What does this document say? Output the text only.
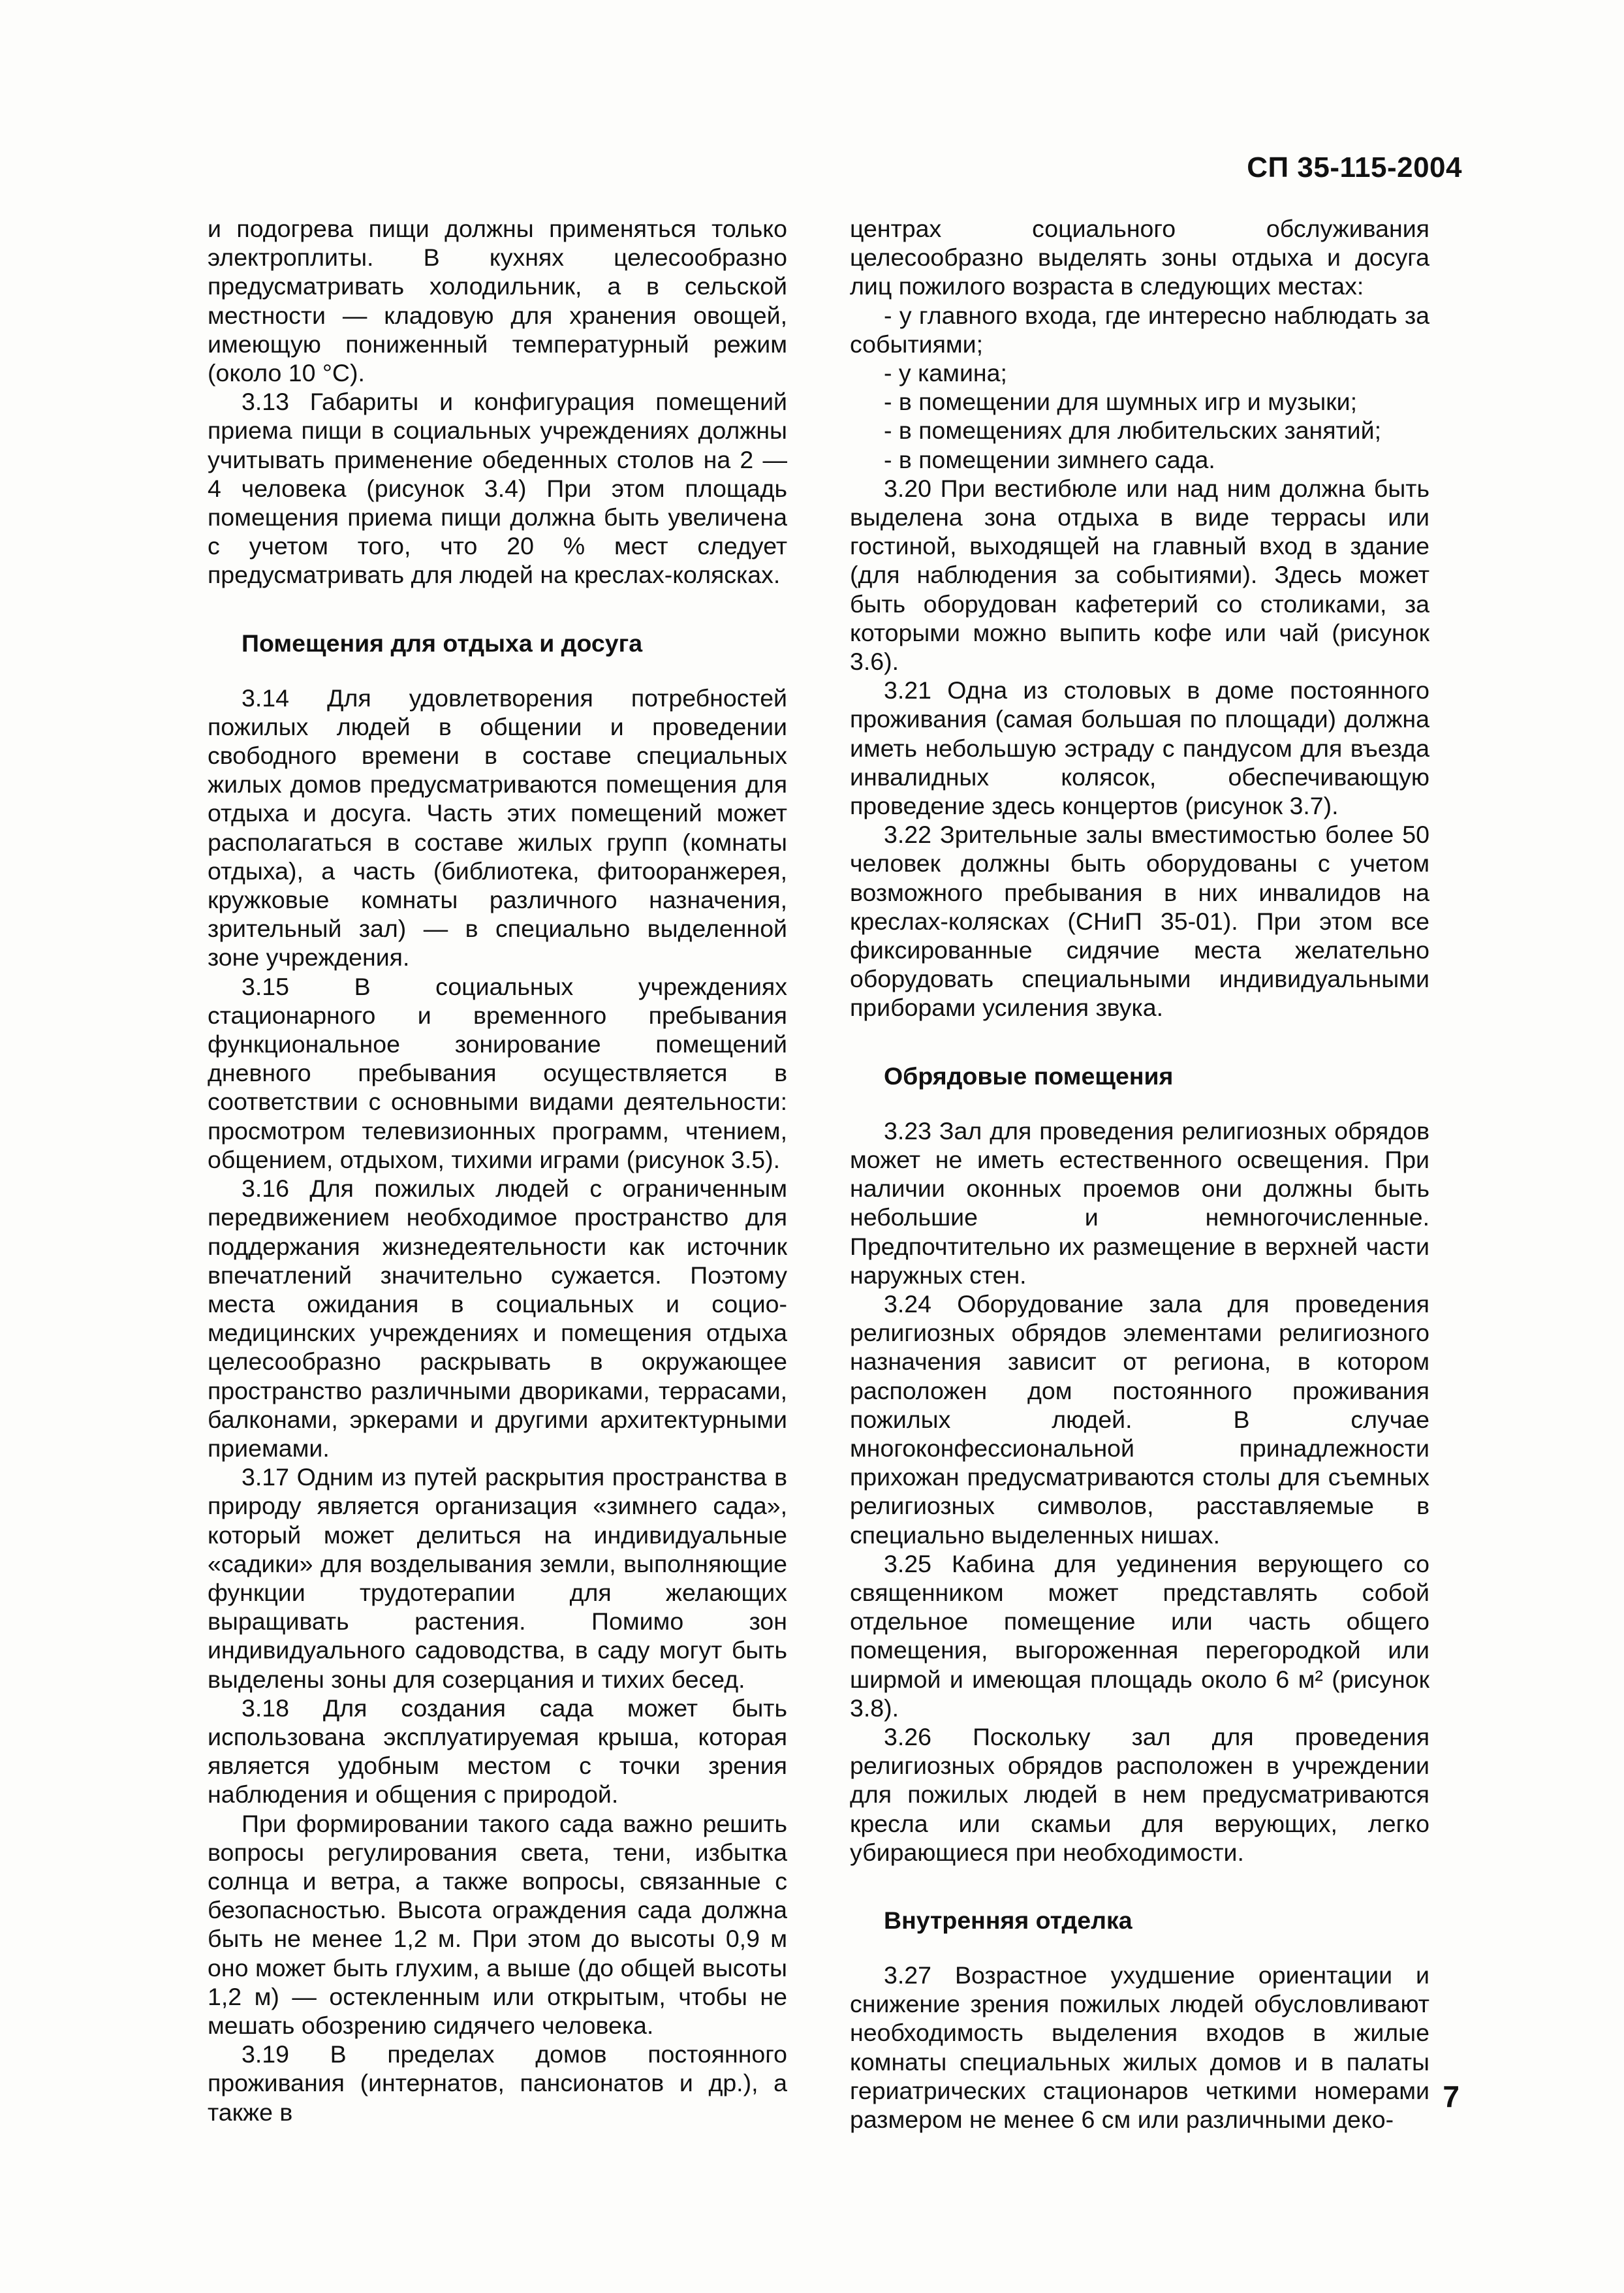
СП 35-115-2004

и подогрева пищи должны применяться только электроплиты. В кухнях целесообразно предусматривать холодильник, а в сельской местности — кладовую для хранения овощей, имеющую пониженный температурный режим (около 10 °С).

3.13 Габариты и конфигурация помещений приема пищи в социальных учреждениях должны учитывать применение обеденных столов на 2 — 4 человека (рисунок 3.4) При этом площадь помещения приема пищи должна быть увеличена с учетом того, что 20 % мест следует предусматривать для людей на креслах-колясках.

Помещения для отдыха и досуга

3.14 Для удовлетворения потребностей пожилых людей в общении и проведении свободного времени в составе специальных жилых домов предусматриваются помещения для отдыха и досуга. Часть этих помещений может располагаться в составе жилых групп (комнаты отдыха), а часть (библиотека, фитооранжерея, кружковые комнаты различного назначения, зрительный зал) — в специально выделенной зоне учреждения.

3.15 В социальных учреждениях стационарного и временного пребывания функциональное зонирование помещений дневного пребывания осуществляется в соответствии с основными видами деятельности: просмотром телевизионных программ, чтением, общением, отдыхом, тихими играми (рисунок 3.5).

3.16 Для пожилых людей с ограниченным передвижением необходимое пространство для поддержания жизнедеятельности как источник впечатлений значительно сужается. Поэтому места ожидания в социальных и социо-медицинских учреждениях и помещения отдыха целесообразно раскрывать в окружающее пространство различными двориками, террасами, балконами, эркерами и другими архитектурными приемами.

3.17 Одним из путей раскрытия пространства в природу является организация «зимнего сада», который может делиться на индивидуальные «садики» для возделывания земли, выполняющие функции трудотерапии для желающих выращивать растения. Помимо зон индивидуального садоводства, в саду могут быть выделены зоны для созерцания и тихих бесед.

3.18 Для создания сада может быть использована эксплуатируемая крыша, которая является удобным местом с точки зрения наблюдения и общения с природой.

При формировании такого сада важно решить вопросы регулирования света, тени, избытка солнца и ветра, а также вопросы, связанные с безопасностью. Высота ограждения сада должна быть не менее 1,2 м. При этом до высоты 0,9 м оно может быть глухим, а выше (до общей высоты 1,2 м) — остекленным или открытым, чтобы не мешать обозрению сидячего человека.

3.19 В пределах домов постоянного проживания (интернатов, пансионатов и др.), а также в

центрах социального обслуживания целесообразно выделять зоны отдыха и досуга лиц пожилого возраста в следующих местах:

- у главного входа, где интересно наблюдать за событиями;

- у камина;

- в помещении для шумных игр и музыки;

- в помещениях для любительских занятий;

- в помещении зимнего сада.

3.20 При вестибюле или над ним должна быть выделена зона отдыха в виде террасы или гостиной, выходящей на главный вход в здание (для наблюдения за событиями). Здесь может быть оборудован кафетерий со столиками, за которыми можно выпить кофе или чай (рисунок 3.6).

3.21 Одна из столовых в доме постоянного проживания (самая большая по площади) должна иметь небольшую эстраду с пандусом для въезда инвалидных колясок, обеспечивающую проведение здесь концертов (рисунок 3.7).

3.22 Зрительные залы вместимостью более 50 человек должны быть оборудованы с учетом возможного пребывания в них инвалидов на креслах-колясках (СНиП 35-01). При этом все фиксированные сидячие места желательно оборудовать специальными индивидуальными приборами усиления звука.

Обрядовые помещения

3.23 Зал для проведения религиозных обрядов может не иметь естественного освещения. При наличии оконных проемов они должны быть небольшие и немногочисленные. Предпочтительно их размещение в верхней части наружных стен.

3.24 Оборудование зала для проведения религиозных обрядов элементами религиозного назначения зависит от региона, в котором расположен дом постоянного проживания пожилых людей. В случае многоконфессиональной принадлежности прихожан предусматриваются столы для съемных религиозных символов, расставляемые в специально выделенных нишах.

3.25 Кабина для уединения верующего со священником может представлять собой отдельное помещение или часть общего помещения, выгороженная перегородкой или ширмой и имеющая площадь около 6 м² (рисунок 3.8).

3.26 Поскольку зал для проведения религиозных обрядов расположен в учреждении для пожилых людей в нем предусматриваются кресла или скамьи для верующих, легко убирающиеся при необходимости.

Внутренняя отделка

3.27 Возрастное ухудшение ориентации и снижение зрения пожилых людей обусловливают необходимость выделения входов в жилые комнаты специальных жилых домов и в палаты гериатрических стационаров четкими номерами размером не менее 6 см или различными деко-

7
